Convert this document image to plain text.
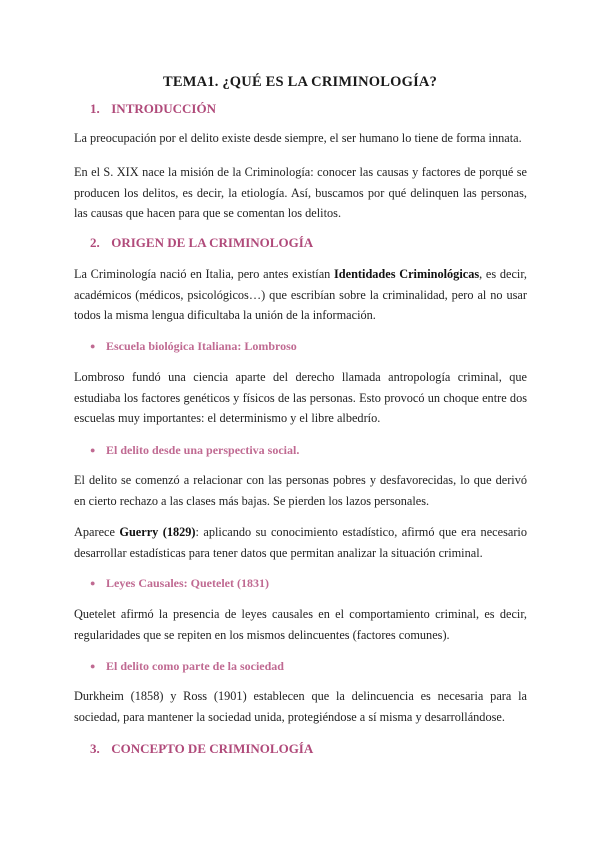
TEMA1. ¿QUÉ ES LA CRIMINOLOGÍA?
1. INTRODUCCIÓN

La preocupación por el delito existe desde siempre, el ser humano lo tiene de forma innata.

En el S. XIX nace la misión de la Criminología: conocer las causas y factores de porqué se producen los delitos, es decir, la etiología. Así, buscamos por qué delinquen las personas, las causas que hacen para que se comentan los delitos.

2. ORIGEN DE LA CRIMINOLOGÍA

La Criminología nació en Italia, pero antes existían Identidades Criminológicas, es decir, académicos (médicos, psicológicos…) que escribían sobre la criminalidad, pero al no usar todos la misma lengua dificultaba la unión de la información.

● Escuela biológica Italiana: Lombroso

Lombroso fundó una ciencia aparte del derecho llamada antropología criminal, que estudiaba los factores genéticos y físicos de las personas. Esto provocó un choque entre dos escuelas muy importantes: el determinismo y el libre albedrío.

● El delito desde una perspectiva social.

El delito se comenzó a relacionar con las personas pobres y desfavorecidas, lo que derivó en cierto rechazo a las clases más bajas. Se pierden los lazos personales.

Aparece Guerry (1829): aplicando su conocimiento estadístico, afirmó que era necesario desarrollar estadísticas para tener datos que permitan analizar la situación criminal.

● Leyes Causales: Quetelet (1831)

Quetelet afirmó la presencia de leyes causales en el comportamiento criminal, es decir, regularidades que se repiten en los mismos delincuentes (factores comunes).

● El delito como parte de la sociedad

Durkheim (1858) y Ross (1901) establecen que la delincuencia es necesaria para la sociedad, para mantener la sociedad unida, protegiéndose a sí misma y desarrollándose.

3. CONCEPTO DE CRIMINOLOGÍA
